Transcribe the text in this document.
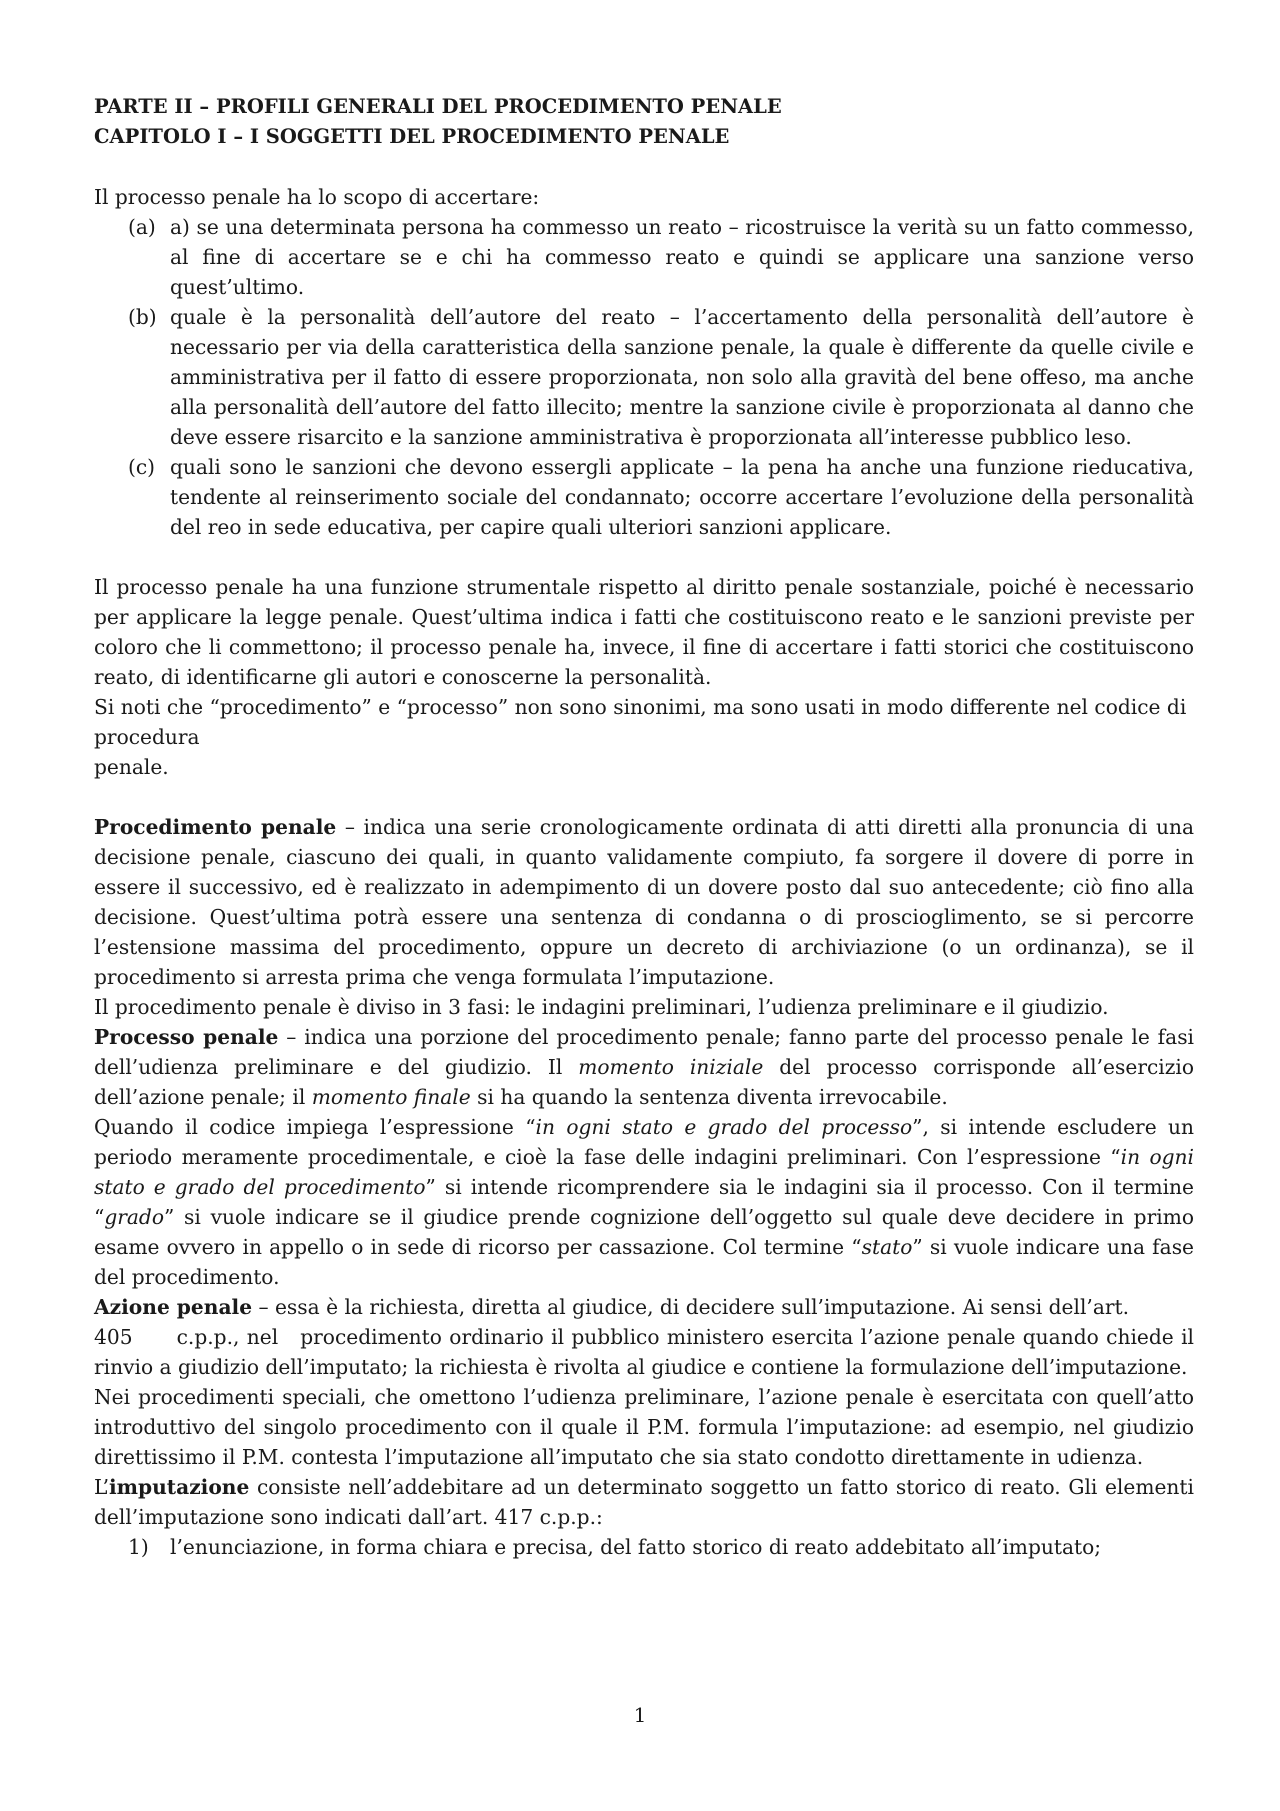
PARTE II – PROFILI GENERALI DEL PROCEDIMENTO PENALE
CAPITOLO I – I SOGGETTI DEL PROCEDIMENTO PENALE

Il processo penale ha lo scopo di accertare:

(a) a) se una determinata persona ha commesso un reato – ricostruisce la verità su un fatto commesso, al fine di accertare se e chi ha commesso reato e quindi se applicare una sanzione verso quest’ultimo.
(b) quale è la personalità dell’autore del reato – l’accertamento della personalità dell’autore è necessario per via della caratteristica della sanzione penale, la quale è differente da quelle civile e amministrativa per il fatto di essere proporzionata, non solo alla gravità del bene offeso, ma anche alla personalità dell’autore del fatto illecito; mentre la sanzione civile è proporzionata al danno che deve essere risarcito e la sanzione amministrativa è proporzionata all’interesse pubblico leso.
(c) quali sono le sanzioni che devono essergli applicate – la pena ha anche una funzione rieducativa, tendente al reinserimento sociale del condannato; occorre accertare l’evoluzione della personalità del reo in sede educativa, per capire quali ulteriori sanzioni applicare.

Il processo penale ha una funzione strumentale rispetto al diritto penale sostanziale, poiché è necessario per applicare la legge penale. Quest’ultima indica i fatti che costituiscono reato e le sanzioni previste per coloro che li commettono; il processo penale ha, invece, il fine di accertare i fatti storici che costituiscono reato, di identificarne gli autori e conoscerne la personalità.

Si noti che “procedimento” e “processo” non sono sinonimi, ma sono usati in modo differente nel codice di procedura
penale.

Procedimento penale – indica una serie cronologicamente ordinata di atti diretti alla pronuncia di una decisione penale, ciascuno dei quali, in quanto validamente compiuto, fa sorgere il dovere di porre in essere il successivo, ed è realizzato in adempimento di un dovere posto dal suo antecedente; ciò fino alla decisione. Quest’ultima potrà essere una sentenza di condanna o di proscioglimento, se si percorre l’estensione massima del procedimento, oppure un decreto di archiviazione (o un ordinanza), se il procedimento si arresta prima che venga formulata l’imputazione.

Il procedimento penale è diviso in 3 fasi: le indagini preliminari, l’udienza preliminare e il giudizio.

Processo penale – indica una porzione del procedimento penale; fanno parte del processo penale le fasi dell’udienza preliminare e del giudizio. Il momento iniziale del processo corrisponde all’esercizio dell’azione penale; il momento finale si ha quando la sentenza diventa irrevocabile.

Quando il codice impiega l’espressione “in ogni stato e grado del processo”, si intende escludere un periodo meramente procedimentale, e cioè la fase delle indagini preliminari. Con l’espressione “in ogni stato e grado del procedimento” si intende ricomprendere sia le indagini sia il processo. Con il termine “grado” si vuole indicare se il giudice prende cognizione dell’oggetto sul quale deve decidere in primo esame ovvero in appello o in sede di ricorso per cassazione. Col termine “stato” si vuole indicare una fase del procedimento.

Azione penale – essa è la richiesta, diretta al giudice, di decidere sull’imputazione. Ai sensi dell’art.
405      c.p.p., nel   procedimento ordinario il pubblico ministero esercita l’azione penale quando chiede il rinvio a giudizio dell’imputato; la richiesta è rivolta al giudice e contiene la formulazione dell’imputazione.

Nei procedimenti speciali, che omettono l’udienza preliminare, l’azione penale è esercitata con quell’atto introduttivo del singolo procedimento con il quale il P.M. formula l’imputazione: ad esempio, nel giudizio direttissimo il P.M. contesta l’imputazione all’imputato che sia stato condotto direttamente in udienza.

L’imputazione consiste nell’addebitare ad un determinato soggetto un fatto storico di reato. Gli elementi dell’imputazione sono indicati dall’art. 417 c.p.p.:

1) l’enunciazione, in forma chiara e precisa, del fatto storico di reato addebitato all’imputato;
1
